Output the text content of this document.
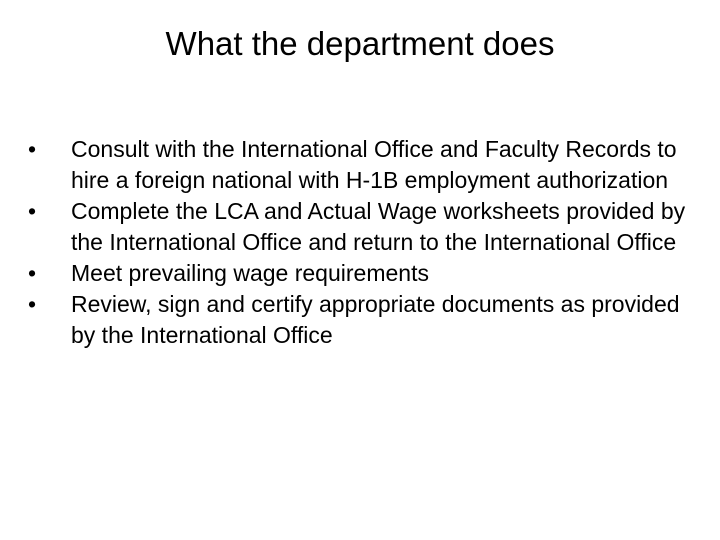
What the department does
•	Consult with the International Office and Faculty Records to hire a foreign national with H-1B employment authorization
•	Complete the LCA and Actual Wage worksheets provided by the International Office and return to the International Office
•	Meet prevailing wage requirements
•	Review, sign and certify appropriate documents as provided by the International Office
